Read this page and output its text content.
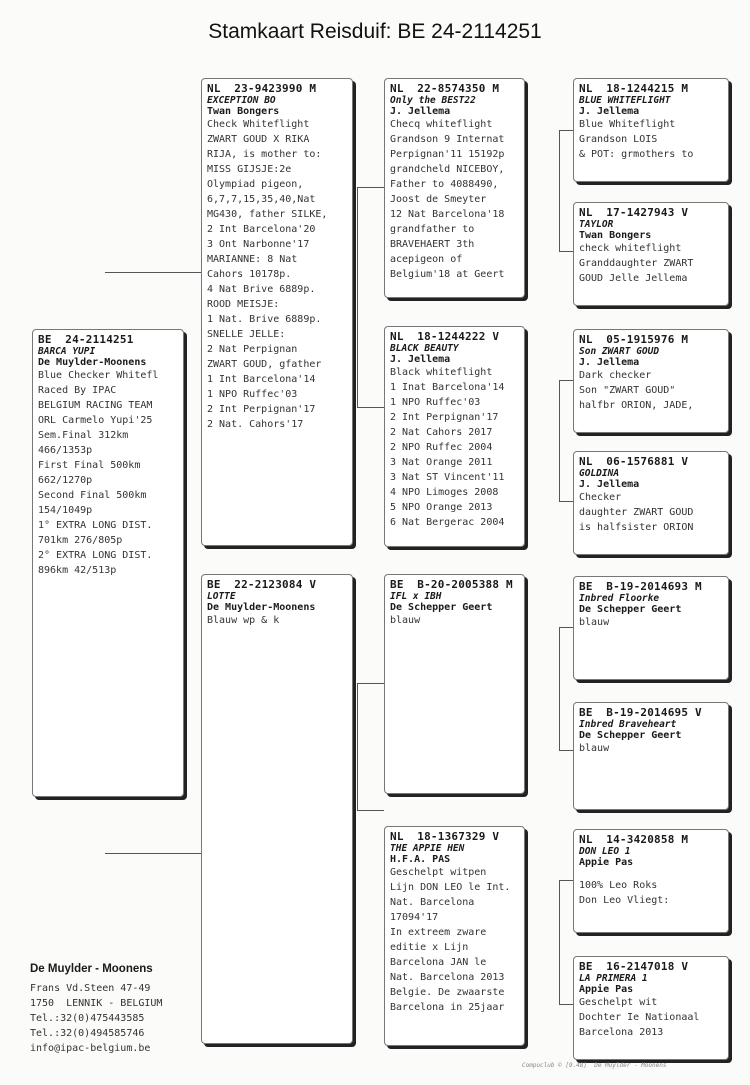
Stamkaart Reisduif: BE 24-2114251
BE  24-2114251
BARCA YUPI
De Muylder-Moonens
Blue Checker Whitefl
Raced By IPAC
BELGIUM RACING TEAM
ORL Carmelo Yupi'25
Sem.Final 312km
466/1353p
First Final 500km
662/1270p
Second Final 500km
154/1049p
1° EXTRA LONG DIST.
701km 276/805p
2° EXTRA LONG DIST.
896km 42/513p
NL  23-9423990 M
EXCEPTION BO
Twan Bongers
Check Whiteflight
ZWART GOUD X RIKA
RIJA, is mother to:
MISS GIJSJE:2e
Olympiad pigeon,
6,7,7,15,35,40,Nat
MG430, father SILKE,
2 Int Barcelona'20
3 Ont Narbonne'17
MARIANNE: 8 Nat
Cahors 10178p.
4 Nat Brive 6889p.
ROOD MEISJE:
1 Nat. Brive 6889p.
SNELLE JELLE:
2 Nat Perpignan
ZWART GOUD, gfather
1 Int Barcelona'14
1 NPO Ruffec'03
2 Int Perpignan'17
2 Nat. Cahors'17
BE  22-2123084 V
LOTTE
De Muylder-Moonens
Blauw wp & k
NL  22-8574350 M
Only the BEST22
J. Jellema
Checq whiteflight
Grandson 9 Internat
Perpignan'11 15192p
grandcheld NICEBOY,
Father to 4088490,
Joost de Smeyter
12 Nat Barcelona'18
grandfather to
BRAVEHAERT 3th
acepigeon of
Belgium'18 at Geert
NL  18-1244222 V
BLACK BEAUTY
J. Jellema
Black whiteflight
1 Inat Barcelona'14
1 NPO Ruffec'03
2 Int Perpignan'17
2 Nat Cahors 2017
2 NPO Ruffec 2004
3 Nat Orange 2011
3 Nat ST Vincent'11
4 NPO Limoges 2008
5 NPO Orange 2013
6 Nat Bergerac 2004
BE  B-20-2005388 M
IFL x IBH
De Schepper Geert
blauw
NL  18-1367329 V
THE APPIE HEN
H.F.A. PAS
Geschelpt witpen
Lijn DON LEO le Int.
Nat. Barcelona
17094'17
In extreem zware
editie x Lijn
Barcelona JAN le
Nat. Barcelona 2013
Belgie. De zwaarste
Barcelona in 25jaar
NL  18-1244215 M
BLUE WHITEFLIGHT
J. Jellema
Blue Whiteflight
Grandson LOIS
& POT: grmothers to
NL  17-1427943 V
TAYLOR
Twan Bongers
check whiteflight
Granddaughter ZWART
GOUD Jelle Jellema
NL  05-1915976 M
Son ZWART GOUD
J. Jellema
Dark checker
Son "ZWART GOUD"
halfbr ORION, JADE,
NL  06-1576881 V
GOLDINA
J. Jellema
Checker
daughter ZWART GOUD
is halfsister ORION
BE  B-19-2014693 M
Inbred Floorke
De Schepper Geert
blauw
BE  B-19-2014695 V
Inbred Braveheart
De Schepper Geert
blauw
NL  14-3420858 M
DON LEO 1
Appie Pas
100% Leo Roks
Don Leo Vliegt:
BE  16-2147018 V
LA PRIMERA 1
Appie Pas
Geschelpt wit
Dochter Ie Nationaal
Barcelona 2013
De Muylder - Moonens
Frans Vd.Steen 47-49
1750  LENNIK - BELGIUM
Tel.:32(0)475443585
Tel.:32(0)494585746
info@ipac-belgium.be
Compuclub © [9.48]  De Muylder - Moonens
